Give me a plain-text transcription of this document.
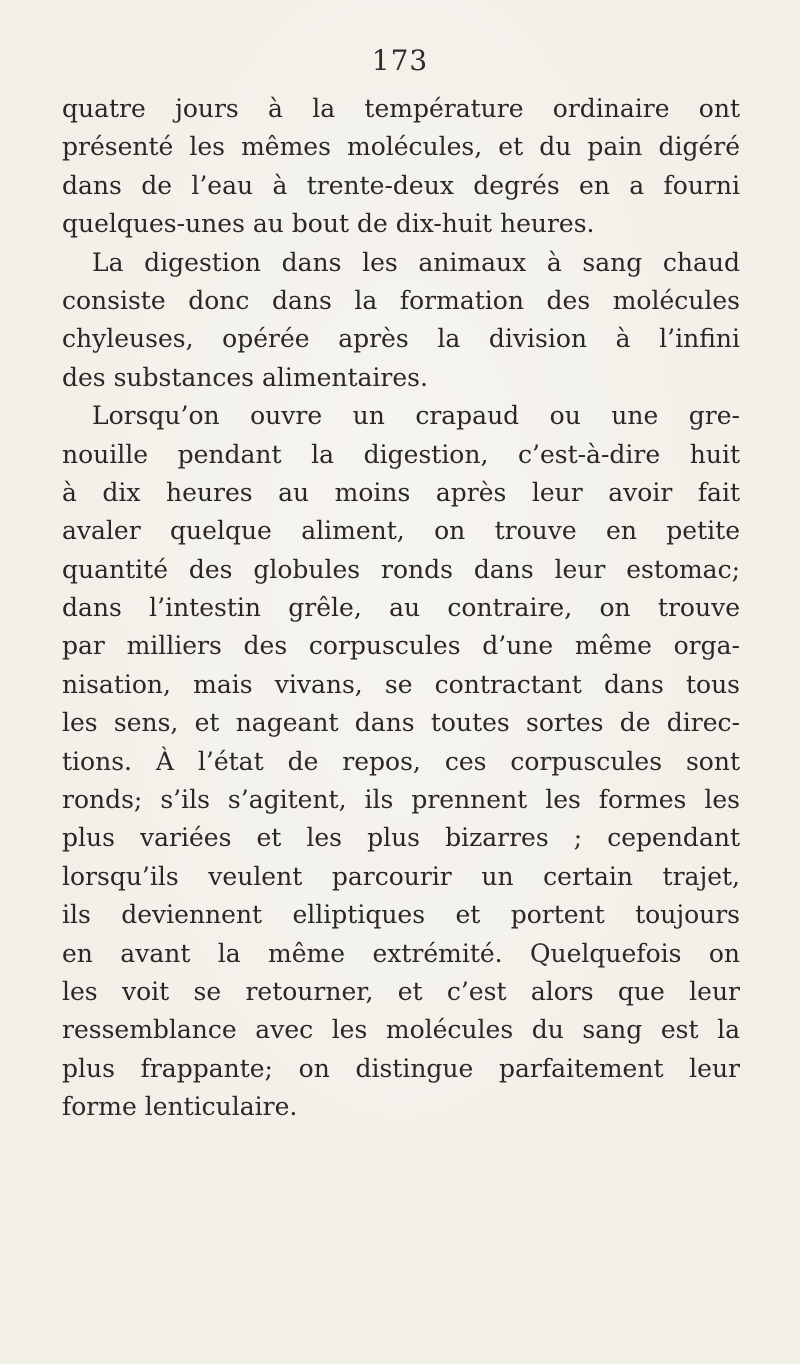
173
quatre jours à la température ordinaire ont
présenté les mêmes molécules, et du pain digéré
dans de l’eau à trente-deux degrés en a fourni
quelques-unes au bout de dix-huit heures.
La digestion dans les animaux à sang chaud
consiste donc dans la formation des molécules
chyleuses, opérée après la division à l’infini
des substances alimentaires.
Lorsqu’on ouvre un crapaud ou une gre-
nouille pendant la digestion, c’est-à-dire huit
à dix heures au moins après leur avoir fait
avaler quelque aliment, on trouve en petite
quantité des globules ronds dans leur estomac;
dans l’intestin grêle, au contraire, on trouve
par milliers des corpuscules d’une même orga-
nisation, mais vivans, se contractant dans tous
les sens, et nageant dans toutes sortes de direc-
tions. À l’état de repos, ces corpuscules sont
ronds; s’ils s’agitent, ils prennent les formes les
plus variées et les plus bizarres ; cependant
lorsqu’ils veulent parcourir un certain trajet,
ils deviennent elliptiques et portent toujours
en avant la même extrémité. Quelquefois on
les voit se retourner, et c’est alors que leur
ressemblance avec les molécules du sang est la
plus frappante; on distingue parfaitement leur
forme lenticulaire.
